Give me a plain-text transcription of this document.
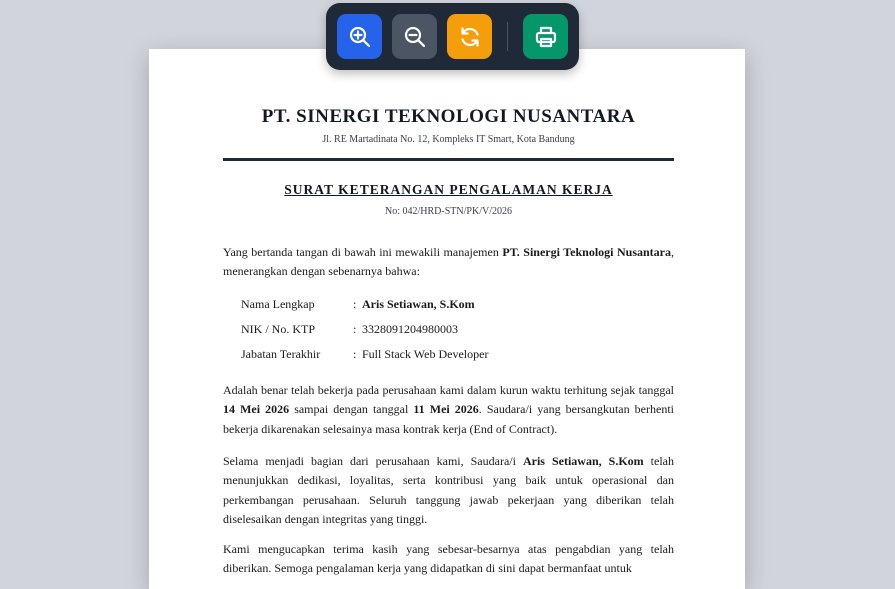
PT. SINERGI TEKNOLOGI NUSANTARA
Jl. RE Martadinata No. 12, Kompleks IT Smart, Kota Bandung
SURAT KETERANGAN PENGALAMAN KERJA
No: 042/HRD-STN/PK/V/2026
Yang bertanda tangan di bawah ini mewakili manajemen PT. Sinergi Teknologi Nusantara, menerangkan dengan sebenarnya bahwa:
Nama Lengkap	: Aris Setiawan, S.Kom
NIK / No. KTP	: 3328091204980003
Jabatan Terakhir	: Full Stack Web Developer
Adalah benar telah bekerja pada perusahaan kami dalam kurun waktu terhitung sejak tanggal 14 Mei 2026 sampai dengan tanggal 11 Mei 2026. Saudara/i yang bersangkutan berhenti bekerja dikarenakan selesainya masa kontrak kerja (End of Contract).
Selama menjadi bagian dari perusahaan kami, Saudara/i Aris Setiawan, S.Kom telah menunjukkan dedikasi, loyalitas, serta kontribusi yang baik untuk operasional dan perkembangan perusahaan. Seluruh tanggung jawab pekerjaan yang diberikan telah diselesaikan dengan integritas yang tinggi.
Kami mengucapkan terima kasih yang sebesar-besarnya atas pengabdian yang telah diberikan. Semoga pengalaman kerja yang didapatkan di sini dapat bermanfaat untuk
